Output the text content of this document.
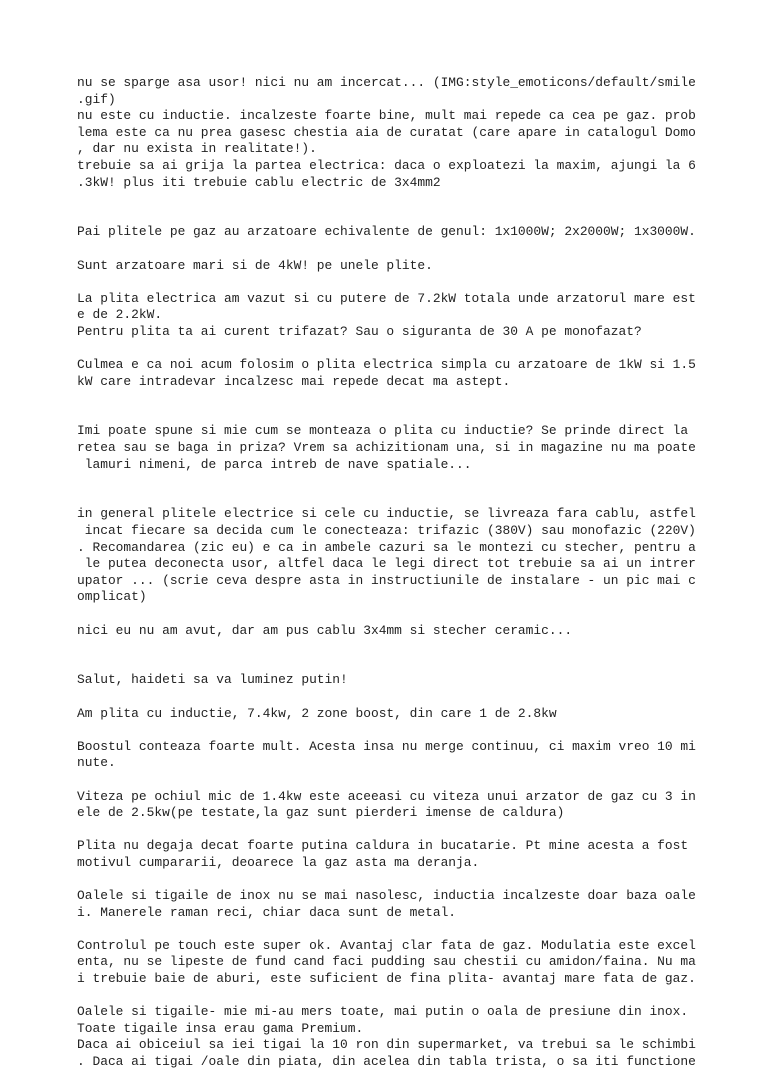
nu se sparge asa usor! nici nu am incercat... (IMG:style_emoticons/default/smile
.gif)
nu este cu inductie. incalzeste foarte bine, mult mai repede ca cea pe gaz. prob
lema este ca nu prea gasesc chestia aia de curatat (care apare in catalogul Domo
, dar nu exista in realitate!).
trebuie sa ai grija la partea electrica: daca o exploatezi la maxim, ajungi la 6
.3kW! plus iti trebuie cablu electric de 3x4mm2
Pai plitele pe gaz au arzatoare echivalente de genul: 1x1000W; 2x2000W; 1x3000W.
Sunt arzatoare mari si de 4kW! pe unele plite.
La plita electrica am vazut si cu putere de 7.2kW totala unde arzatorul mare est
e de 2.2kW.
Pentru plita ta ai curent trifazat? Sau o siguranta de 30 A pe monofazat?
Culmea e ca noi acum folosim o plita electrica simpla cu arzatoare de 1kW si 1.5
kW care intradevar incalzesc mai repede decat ma astept.
Imi poate spune si mie cum se monteaza o plita cu inductie? Se prinde direct la
retea sau se baga in priza? Vrem sa achizitionam una, si in magazine nu ma poate
lamuri nimeni, de parca intreb de nave spatiale...
in general plitele electrice si cele cu inductie, se livreaza fara cablu, astfel
incat fiecare sa decida cum le conecteaza: trifazic (380V) sau monofazic (220V)
. Recomandarea (zic eu) e ca in ambele cazuri sa le montezi cu stecher, pentru a
le putea deconecta usor, altfel daca le legi direct tot trebuie sa ai un intrer
upator ... (scrie ceva despre asta in instructiunile de instalare - un pic mai c
omplicat)
nici eu nu am avut, dar am pus cablu 3x4mm si stecher ceramic...
Salut, haideti sa va luminez putin!
Am plita cu inductie, 7.4kw, 2 zone boost, din care 1 de 2.8kw
Boostul conteaza foarte mult. Acesta insa nu merge continuu, ci maxim vreo 10 mi
nute.
Viteza pe ochiul mic de 1.4kw este aceeasi cu viteza unui arzator de gaz cu 3 in
ele de 2.5kw(pe testate,la gaz sunt pierderi imense de caldura)
Plita nu degaja decat foarte putina caldura in bucatarie. Pt mine acesta a fost
motivul cumpararii, deoarece la gaz asta ma deranja.
Oalele si tigaile de inox nu se mai nasolesc, inductia incalzeste doar baza oale
i. Manerele raman reci, chiar daca sunt de metal.
Controlul pe touch este super ok. Avantaj clar fata de gaz. Modulatia este excel
enta, nu se lipeste de fund cand faci pudding sau chestii cu amidon/faina. Nu ma
i trebuie baie de aburi, este suficient de fina plita- avantaj mare fata de gaz.
Oalele si tigaile- mie mi-au mers toate, mai putin o oala de presiune din inox.
Toate tigaile insa erau gama Premium.
Daca ai obiceiul sa iei tigai la 10 ron din supermarket, va trebui sa le schimbi
. Daca ai tigai /oale din piata, din acelea din tabla trista, o sa iti functione
